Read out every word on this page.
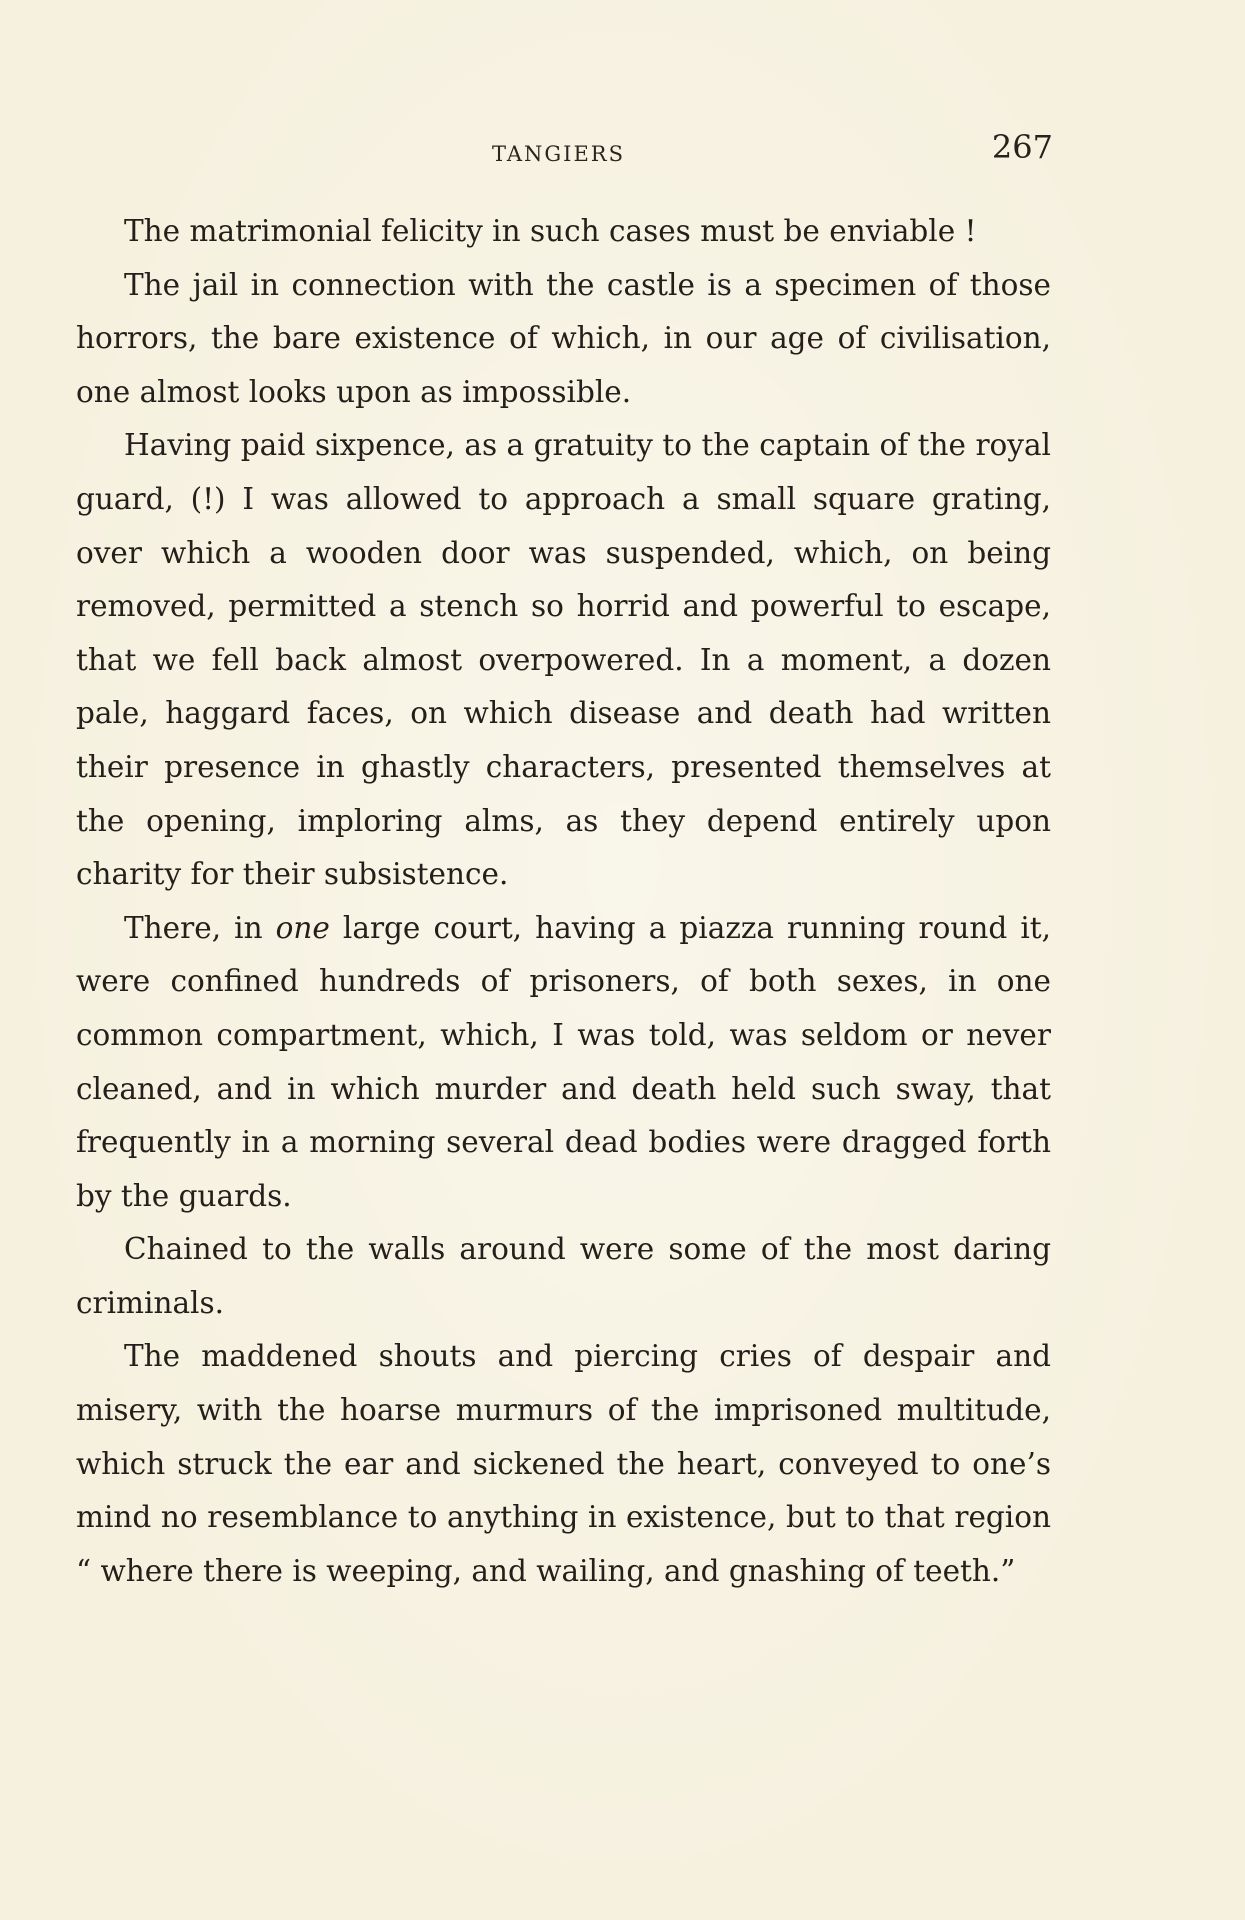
TANGIERS	267

The matrimonial felicity in such cases must be enviable !

The jail in connection with the castle is a specimen of those horrors, the bare existence of which, in our age of civilisation, one almost looks upon as impossible.

Having paid sixpence, as a gratuity to the captain of the royal guard, (!) I was allowed to approach a small square grating, over which a wooden door was suspended, which, on being removed, permitted a stench so horrid and powerful to escape, that we fell back almost overpowered. In a moment, a dozen pale, haggard faces, on which disease and death had written their presence in ghastly characters, presented themselves at the opening, imploring alms, as they depend entirely upon charity for their subsistence.

There, in one large court, having a piazza running round it, were confined hundreds of prisoners, of both sexes, in one common compartment, which, I was told, was seldom or never cleaned, and in which murder and death held such sway, that frequently in a morning several dead bodies were dragged forth by the guards.

Chained to the walls around were some of the most daring criminals.

The maddened shouts and piercing cries of despair and misery, with the hoarse murmurs of the imprisoned multitude, which struck the ear and sickened the heart, conveyed to one’s mind no resemblance to anything in existence, but to that region “ where there is weeping, and wailing, and gnashing of teeth.”
